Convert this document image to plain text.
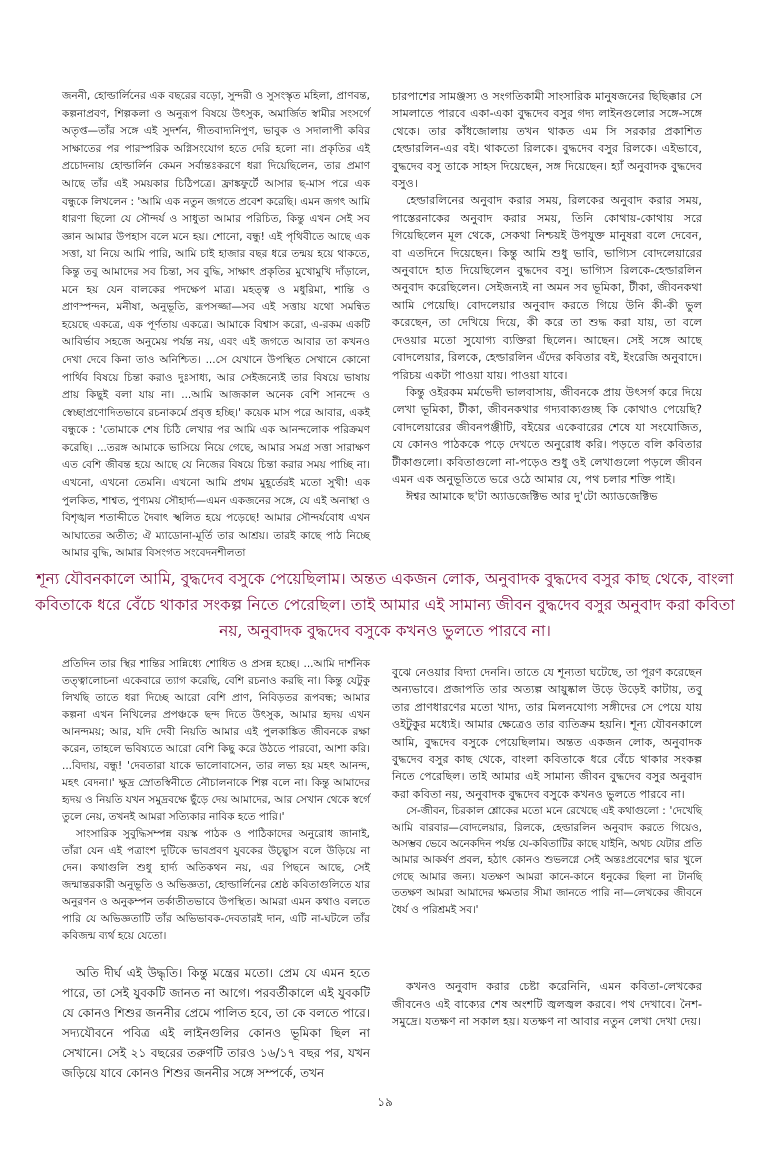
জননী, হোল্ডার্লিনের এক বছরের বড়ো, সুন্দরী ও সুসংস্কৃত মহিলা, প্রাণবন্ত, কল্পনাপ্রবণ, শিল্পকলা ও অনুরূপ বিষয়ে উৎসুক, অমার্জিত স্বামীর সংসর্গে অতৃপ্ত—তাঁর সঙ্গে এই সুদর্শন, গীতবাদ্যনিপুণ, ভাবুক ও সদালাপী কবির সাক্ষাতের পর পারস্পরিক অগ্নিসংযোগ হতে দেরি হলো না। প্রকৃতির এই প্রচোদনায় হোল্ডার্লিন কেমন সর্বান্তঃকরণে ধরা দিয়েছিলেন, তার প্রমাণ আছে তাঁর এই সময়কার চিঠিপত্রে। ফ্রাঙ্কফুর্টে আসার ছ-মাস পরে এক বন্ধুকে লিখলেন : 'আমি এক নতুন জগতে প্রবেশ করেছি। এমন জগৎ আমি ধারণা ছিলো যে সৌন্দর্য ও সাধুতা আমার পরিচিত, কিন্তু এখন সেই সব জ্ঞান আমার উপহাস বলে মনে হয়। শোনো, বন্ধু! এই পৃথিবীতে আছে এক সত্তা, যা নিয়ে আমি পারি, আমি চাই হাজার বছর ধরে তন্ময় হয়ে থাকতে, কিন্তু তবু আমাদের সব চিন্তা, সব বুদ্ধি, সাক্ষাৎ প্রকৃতির মুখোমুখি দাঁড়ালে, মনে হয় যেন বালকের পদক্ষেপ মাত্র। মহত্ত্ব ও মধুরিমা, শান্তি ও প্রাণস্পন্দন, মনীষা, অনুভূতি, রূপসজ্জা—সব এই সত্তায় যথো সমন্বিত হয়েছে একত্রে, এক পূর্ণতায় একত্রে। আমাকে বিশ্বাস করো, এ-রকম একটি আবির্ভাব সহজে অনুমেয় পর্যন্ত নয়, এবং এই জগতে আবার তা কখনও দেখা দেবে কিনা তাও অনিশ্চিত। ...সে যেখানে উপস্থিত সেখানে কোনো পার্থিব বিষয়ে চিন্তা করাও দুঃসাধ্য, আর সেইজন্যেই তার বিষয়ে ভাষায় প্রায় কিছুই বলা যায় না। ...আমি আজকাল অনেক বেশি সানন্দে ও স্বেচ্ছাপ্রণোদিতভাবে রচনাকর্মে প্রবৃত্ত হচ্ছি।' কয়েক মাস পরে আবার, একই বন্ধুকে : 'তোমাকে শেষ চিঠি লেখার পর আমি এক আনন্দলোক পরিক্রমণ করেছি। ...তরঙ্গ আমাকে ভাসিয়ে নিয়ে গেছে, আমার সমগ্র সত্তা সারাক্ষণ এত বেশি জীবন্ত হয়ে আছে যে নিজের বিষয়ে চিন্তা করার সময় পাচ্ছি না। এখনো, এখনো তেমনি। এখনো আমি প্রথম মুহূর্তেরই মতো সুখী! এক পুলকিত, শাশ্বত, পুণ্যময় সৌহার্দ্য—এমন একজনের সঙ্গে, যে এই অনাস্থা ও বিশৃঙ্খল শতাব্দীতে দৈবাৎ স্খলিত হয়ে পড়েছে! আমার সৌন্দর্যবোধ এখন আঘাতের অতীত; ঐ ম্যাডোনা-মূর্তি তার আশ্রয়। তারই কাছে পাঠ নিচ্ছে আমার বুদ্ধি, আমার বিসংগত সংবেদনশীলতা

চারপাশের সামঞ্জস্য ও সংগতিকামী সাংসারিক মানুষজনের ছিছিক্কার সে সামলাতে পারবে একা-একা বুদ্ধদেব বসুর গদ্য লাইনগুলোর সঙ্গে-সঙ্গে থেকে। তার কাঁধজোলায় তখন থাকত এম সি সরকার প্রকাশিত হেল্ডারলিন-এর বই। থাকতো রিলকে। বুদ্ধদেব বসুর রিলকে। এইভাবে, বুদ্ধদেব বসু তাকে সাহস দিয়েছেন, সঙ্গ দিয়েছেন। হ্যাঁ অনুবাদক বুদ্ধদেব বসুও।

হেল্ডারলিনের অনুবাদ করার সময়, রিলকের অনুবাদ করার সময়, পাস্তেরনাকের অনুবাদ করার সময়, তিনি কোথায়-কোথায় সরে গিয়েছিলেন মূল থেকে, সেকথা নিশ্চয়ই উপযুক্ত মানুষরা বলে দেবেন, বা এতদিনে দিয়েছেন। কিন্তু আমি শুধু ভাবি, ভাগ্যিস বোদলেয়ারের অনুবাদে হাত দিয়েছিলেন বুদ্ধদেব বসু। ভাগ্যিস রিলকে-হেল্ডারলিন অনুবাদ করেছিলেন। সেইজন্যই না অমন সব ভূমিকা, টীকা, জীবনকথা আমি পেয়েছি। বোদলেয়ার অনুবাদ করতে গিয়ে উনি কী-কী ভুল করেছেন, তা দেখিয়ে দিয়ে, কী করে তা শুদ্ধ করা যায়, তা বলে দেওয়ার মতো সুযোগ্য ব্যক্তিরা ছিলেন। আছেন। সেই সঙ্গে আছে বোদলেয়ার, রিলকে, হেল্ডারলিন এঁদের কবিতার বই, ইংরেজি অনুবাদে। পরিচয় একটা পাওয়া যায়। পাওয়া যাবে।

কিন্তু ওইরকম মর্মভেদী ভালবাসায়, জীবনকে প্রায় উৎসর্গ করে দিয়ে লেখা ভূমিকা, টীকা, জীবনকথার গদ্যবাক্যগুচ্ছ কি কোথাও পেয়েছি? বোদলেয়ারের জীবনপঞ্জীটি, বইয়ের একেবারের শেষে যা সংযোজিত, যে কোনও পাঠককে পড়ে দেখতে অনুরোধ করি। পড়তে বলি কবিতার টীকাগুলো। কবিতাগুলো না-পড়েও শুধু ওই লেখাগুলো পড়লে জীবন এমন এক অনুভূতিতে ভরে ওঠে আমার যে, পথ চলার শক্তি পাই।

ঈশ্বর আমাকে ছ'টা অ্যাডজেক্টিভ আর দু'টো অ্যাডজেক্টিভ

শূন্য যৌবনকালে আমি, বুদ্ধদেব বসুকে পেয়েছিলাম। অন্তত একজন লোক, অনুবাদক বুদ্ধদেব বসুর কাছ থেকে, বাংলা কবিতাকে ধরে বেঁচে থাকার সংকল্প নিতে পেরেছিল। তাই আমার এই সামান্য জীবন বুদ্ধদেব বসুর অনুবাদ করা কবিতা নয়, অনুবাদক বুদ্ধদেব বসুকে কখনও ভুলতে পারবে না।

প্রতিদিন তার স্থির শান্তির সান্নিধ্যে শোধিত ও প্রসন্ন হচ্ছে। ...আমি দার্শনিক তত্ত্বালোচনা একেবারে ত্যাগ করেছি, বেশি রচনাও করছি না। কিন্তু যেটুকু লিখছি তাতে ধরা দিচ্ছে আরো বেশি প্রাণ, নিবিড়তর রূপবন্ধ; আমার কল্পনা এখন নিখিলের প্রপঞ্চকে ছন্দ দিতে উৎসুক, আমার হৃদয় এখন আনন্দময়; আর, যদি দেবী নিয়তি আমার এই পুলকাঙ্কিত জীবনকে রক্ষা করেন, তাহলে ভবিষ্যতে আরো বেশি কিছু করে উঠতে পারবো, আশা করি। ...বিদায়, বন্ধু! 'দেবতারা যাকে ভালোবাসেন, তার লভ্য হয় মহৎ আনন্দ, মহৎ বেদনা।' ক্ষুদ্র স্রোতস্বিনীতে নৌচালনাকে শিল্প বলে না। কিন্তু আমাদের হৃদয় ও নিয়তি যখন সমুদ্রবক্ষে ছুঁড়ে দেয় আমাদের, আর সেখান থেকে স্বর্গে তুলে নেয়, তখনই আমরা সত্যিকার নাবিক হতে পারি।'

সাংসারিক সুবুদ্ধিসম্পন্ন বয়স্ক পাঠক ও পাঠিকাদের অনুরোধ জানাই, তাঁরা যেন এই পত্রাংশ দুটিকে ভাবপ্রবণ যুবকের উচ্ছ্বাস বলে উড়িয়ে না দেন। কথাগুলি শুধু হার্দ্য অতিকথন নয়, এর পিছনে আছে, সেই জন্মান্তরকারী অনুভূতি ও অভিজ্ঞতা, হোল্ডার্লিনের শ্রেষ্ঠ কবিতাগুলিতে যার অনুরণন ও অনুকম্পন তর্কাতীতভাবে উপস্থিত। আমরা এমন কথাও বলতে পারি যে অভিজ্ঞতাটি তাঁর অভিভাবক-দেবতারই দান, এটি না-ঘটলে তাঁর কবিজন্ম ব্যর্থ হয়ে যেতো।

অতি দীর্ঘ এই উদ্ধৃতি। কিন্তু মন্ত্রের মতো। প্রেম যে এমন হতে পারে, তা সেই যুবকটি জানত না আগে। পরবর্তীকালে এই যুবকটি যে কোনও শিশুর জননীর প্রেমে পালিত হবে, তা কে বলতে পারে। সদ্যযৌবনে পবিত্র এই লাইনগুলির কোনও ভূমিকা ছিল না সেখানে। সেই ২১ বছরের তরুণটি তারও ১৬/১৭ বছর পর, যখন জড়িয়ে যাবে কোনও শিশুর জননীর সঙ্গে সম্পর্কে, তখন

বুঝে নেওয়ার বিদ্যা দেননি। তাতে যে শূন্যতা ঘটেছে, তা পূরণ করেছেন অন্যভাবে। প্রজাপতি তার অত্যল্প আয়ুষ্কাল উড়ে উড়েই কাটায়, তবু তার প্রাণধারণের মতো খাদ্য, তার মিলনযোগ্য সঙ্গীদের সে পেয়ে যায় ওইটুকুর মধ্যেই। আমার ক্ষেত্রেও তার ব্যতিক্রম হয়নি। শূন্য যৌবনকালে আমি, বুদ্ধদেব বসুকে পেয়েছিলাম। অন্তত একজন লোক, অনুবাদক বুদ্ধদেব বসুর কাছ থেকে, বাংলা কবিতাকে ধরে বেঁচে থাকার সংকল্প নিতে পেরেছিল। তাই আমার এই সামান্য জীবন বুদ্ধদেব বসুর অনুবাদ করা কবিতা নয়, অনুবাদক বুদ্ধদেব বসুকে কখনও ভুলতে পারবে না।

সে-জীবন, চিরকাল শ্লোকের মতো মনে রেখেছে এই কথাগুলো : 'দেখেছি আমি বারবার—বোদলেয়ার, রিলকে, হেল্ডারলিন অনুবাদ করতে গিয়েও, অসম্ভব ভেবে অনেকদিন পর্যন্ত যে-কবিতাটির কাছে যাইনি, অথচ যেটার প্রতি আমার আকর্ষণ প্রবল, হঠাৎ কোনও শুভলগ্নে সেই অন্তঃপ্রবেশের দ্বার খুলে গেছে আমার জন্য। যতক্ষণ আমরা কানে-কানে ধনুকের ছিলা না টানছি ততক্ষণ আমরা আমাদের ক্ষমতার সীমা জানতে পারি না—লেখকের জীবনে ধৈর্য ও পরিশ্রমই সব।'

কখনও অনুবাদ করার চেষ্টা করেনিনি, এমন কবিতা-লেখকের জীবনেও এই বাক্যের শেষ অংশটি জ্বলজ্বল করবে। পথ দেখাবে। নৈশ-সমুদ্রে। যতক্ষণ না সকাল হয়। যতক্ষণ না আবার নতুন লেখা দেখা দেয়।

১৯
